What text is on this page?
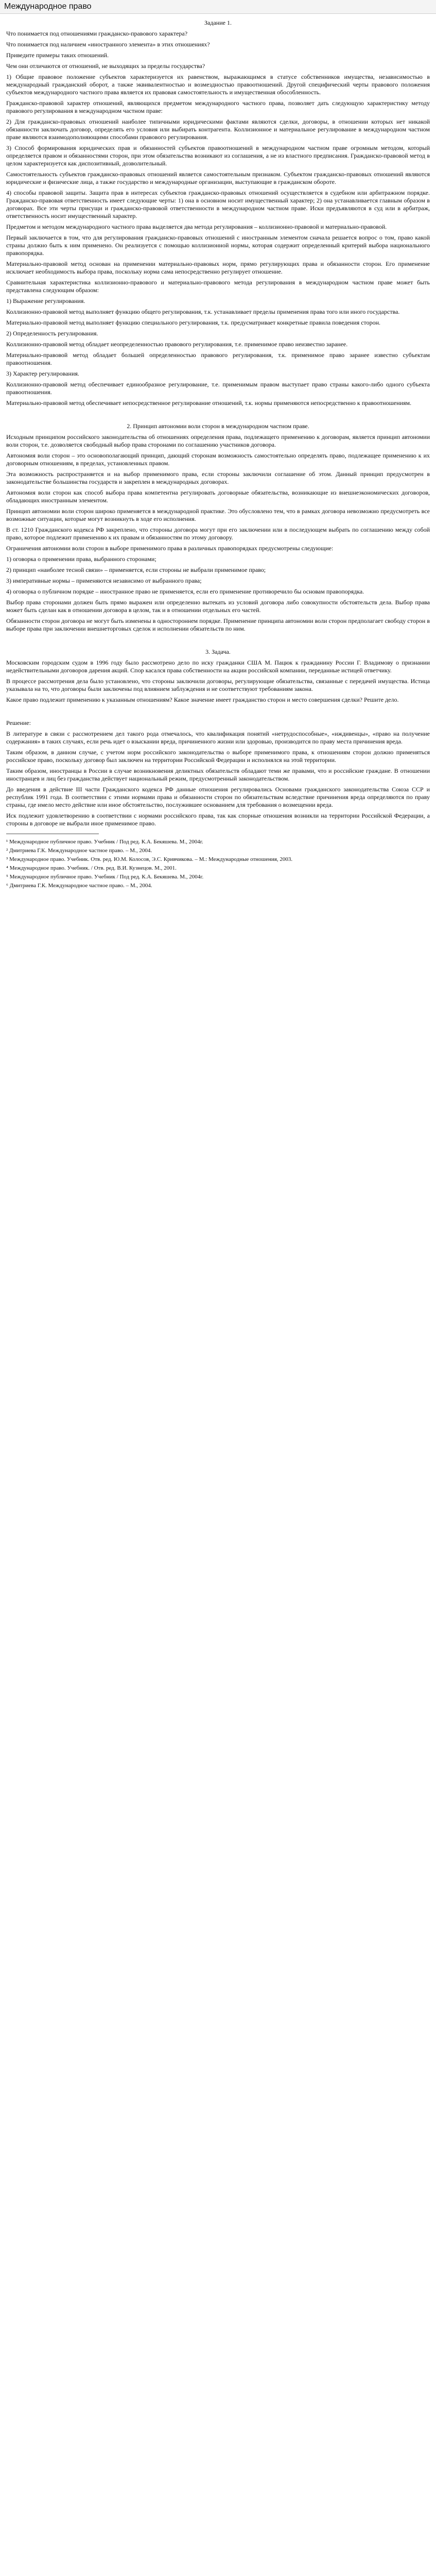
Международное право

Задание 1.

Что понимается под отношениями гражданско-правового характера?

Что понимается под наличием «иностранного элемента» в этих отношениях?

Приведите примеры таких отношений.

Чем они отличаются от отношений, не выходящих за пределы государства?

1) Общие правовое положение субъектов характеризуется их равенством, выражающимся в статусе собственников имущества, независимостью в международный гражданский оборот, а также эквивалентностью и возмездностью правоотношений. Другой специфический черты правового положения субъектов международного частного права является их правовая самостоятельность и имущественная обособленность.

Гражданско-правовой характер отношений, являющихся предметом международного частного права, позволяет дать следующую характеристику методу правового регулирования в международном частном праве:

2) Для гражданско-правовых отношений наиболее типичными юридическими фактами являются сделки, договоры, в отношении которых нет никакой обязанности заключать договор, определять его условия или выбирать контрагента. Коллизионное и материальное регулирование в международном частном праве являются взаимодополняющими способами правового регулирования.

3) Способ формирования юридических прав и обязанностей субъектов правоотношений в международном частном праве огромным методом, который определяется правом и обязанностями сторон, при этом обязательства возникают из соглашения, а не из властного предписания. Гражданско-правовой метод в целом характеризуется как диспозитивный, дозволительный.

Самостоятельность субъектов гражданско-правовых отношений является самостоятельным признаком. Субъектом гражданско-правовых отношений являются юридические и физические лица, а также государство и международные организации, выступающие в гражданском обороте.

4) способы правовой защиты. Защита прав в интересах субъектов гражданско-правовых отношений осуществляется в судебном или арбитражном порядке. Гражданско-правовая ответственность имеет следующие черты: 1) она в основном носит имущественный характер; 2) она устанавливается главным образом в договорах. Все эти черты присущи и гражданско-правовой ответственности в международном частном праве. Иски предъявляются в суд или в арбитраж, ответственность носит имущественный характер.

Предметом и методом международного частного права выделяется два метода регулирования – коллизионно-правовой и материально-правовой.

Первый заключается в том, что для регулирования гражданско-правовых отношений с иностранным элементом сначала решается вопрос о том, право какой страны должно быть к ним применено. Он реализуется с помощью коллизионной нормы, которая содержит определенный критерий выбора национального правопорядка.

Материально-правовой метод основан на применении материально-правовых норм, прямо регулирующих права и обязанности сторон. Его применение исключает необходимость выбора права, поскольку норма сама непосредственно регулирует отношение.

Сравнительная характеристика коллизионно-правового и материально-правового метода регулирования в международном частном праве может быть представлена следующим образом:

1) Выражение регулирования.

Коллизионно-правовой метод выполняет функцию общего регулирования, т.к. устанавливает пределы применения права того или иного государства.

Материально-правовой метод выполняет функцию специального регулирования, т.к. предусматривает конкретные правила поведения сторон.

2) Определенность регулирования.

Коллизионно-правовой метод обладает неопределенностью правового регулирования, т.е. применимое право неизвестно заранее.

Материально-правовой метод обладает большей определенностью правового регулирования, т.к. применимое право заранее известно субъектам правоотношения.

3) Характер регулирования.

Коллизионно-правовой метод обеспечивает единообразное регулирование, т.е. применимым правом выступает право страны какого-либо одного субъекта правоотношения.

Материально-правовой метод обеспечивает непосредственное регулирование отношений, т.к. нормы применяются непосредственно к правоотношениям.

2. Принцип автономии воли сторон в международном частном праве.

Исходным принципом российского законодательства об отношениях определения права, подлежащего применению к договорам, является принцип автономии воли сторон, т.е. дозволяется свободный выбор права сторонами по соглашению участников договора.

Автономия воли сторон – это основополагающий принцип, дающий сторонам возможность самостоятельно определять право, подлежащее применению к их договорным отношениям, в пределах, установленных правом.

Эта возможность распространяется и на выбор применимого права, если стороны заключили соглашение об этом. Данный принцип предусмотрен в законодательстве большинства государств и закреплен в международных договорах.

Автономия воли сторон как способ выбора права компетентна регулировать договорные обязательства, возникающие из внешнеэкономических договоров, обладающих иностранным элементом.

Принцип автономии воли сторон широко применяется в международной практике. Это обусловлено тем, что в рамках договора невозможно предусмотреть все возможные ситуации, которые могут возникнуть в ходе его исполнения.

В ст. 1210 Гражданского кодекса РФ закреплено, что стороны договора могут при его заключении или в последующем выбрать по соглашению между собой право, которое подлежит применению к их правам и обязанностям по этому договору.

Ограничения автономии воли сторон в выборе применимого права в различных правопорядках предусмотрены следующие:

1) оговорка о применении права, выбранного сторонами;

2) принцип «наиболее тесной связи» – применяется, если стороны не выбрали применимое право;

3) императивные нормы – применяются независимо от выбранного права;

4) оговорка о публичном порядке – иностранное право не применяется, если его применение противоречило бы основам правопорядка.

Выбор права сторонами должен быть прямо выражен или определенно вытекать из условий договора либо совокупности обстоятельств дела. Выбор права может быть сделан как в отношении договора в целом, так и в отношении отдельных его частей.

Обязанности сторон договора не могут быть изменены в одностороннем порядке. Применение принципа автономии воли сторон предполагает свободу сторон в выборе права при заключении внешнеторговых сделок и исполнении обязательств по ним.

3. Задача.

Московским городским судом в 1996 году было рассмотрено дело по иску гражданки США М. Пацюк к гражданину России Г. Владимову о признании недействительными договоров дарения акций. Спор касался права собственности на акции российской компании, переданные истицей ответчику.

В процессе рассмотрения дела было установлено, что стороны заключили договоры, регулирующие обязательства, связанные с передачей имущества. Истица указывала на то, что договоры были заключены под влиянием заблуждения и не соответствуют требованиям закона.

Какое право подлежит применению к указанным отношениям? Какое значение имеет гражданство сторон и место совершения сделки? Решите дело.

Решение:

В литературе в связи с рассмотрением дел такого рода отмечалось, что квалификация понятий «нетрудоспособные», «иждивенцы», «право на получение содержания» в таких случаях, если речь идет о взыскании вреда, причиненного жизни или здоровью, производится по праву места причинения вреда.

Таким образом, в данном случае, с учетом норм российского законодательства о выборе применимого права, к отношениям сторон должно применяться российское право, поскольку договор был заключен на территории Российской Федерации и исполнялся на этой территории.

Таким образом, иностранцы в России в случае возникновения деликтных обязательств обладают теми же правами, что и российские граждане. В отношении иностранцев и лиц без гражданства действует национальный режим, предусмотренный законодательством.

До введения в действие III части Гражданского кодекса РФ данные отношения регулировались Основами гражданского законодательства Союза ССР и республик 1991 года. В соответствии с этими нормами права и обязанности сторон по обязательствам вследствие причинения вреда определяются по праву страны, где имело место действие или иное обстоятельство, послужившее основанием для требования о возмещении вреда.

Иск подлежит удовлетворению в соответствии с нормами российского права, так как спорные отношения возникли на территории Российской Федерации, а стороны в договоре не выбрали иное применимое право.

¹ Международное публичное право. Учебник / Под ред. К.А. Бекяшева. М., 2004г.

² Дмитриева Г.К. Международное частное право. – М., 2004.

³ Международное право. Учебник. Отв. ред. Ю.М. Колосов, Э.С. Кривчикова. – М.: Международные отношения, 2003.

⁴ Международное право. Учебник. / Отв. ред. В.И. Кузнецов. М., 2001.

⁵ Международное публичное право. Учебник / Под ред. К.А. Бекяшева. М., 2004г.

⁶ Дмитриева Г.К. Международное частное право. – М., 2004.
